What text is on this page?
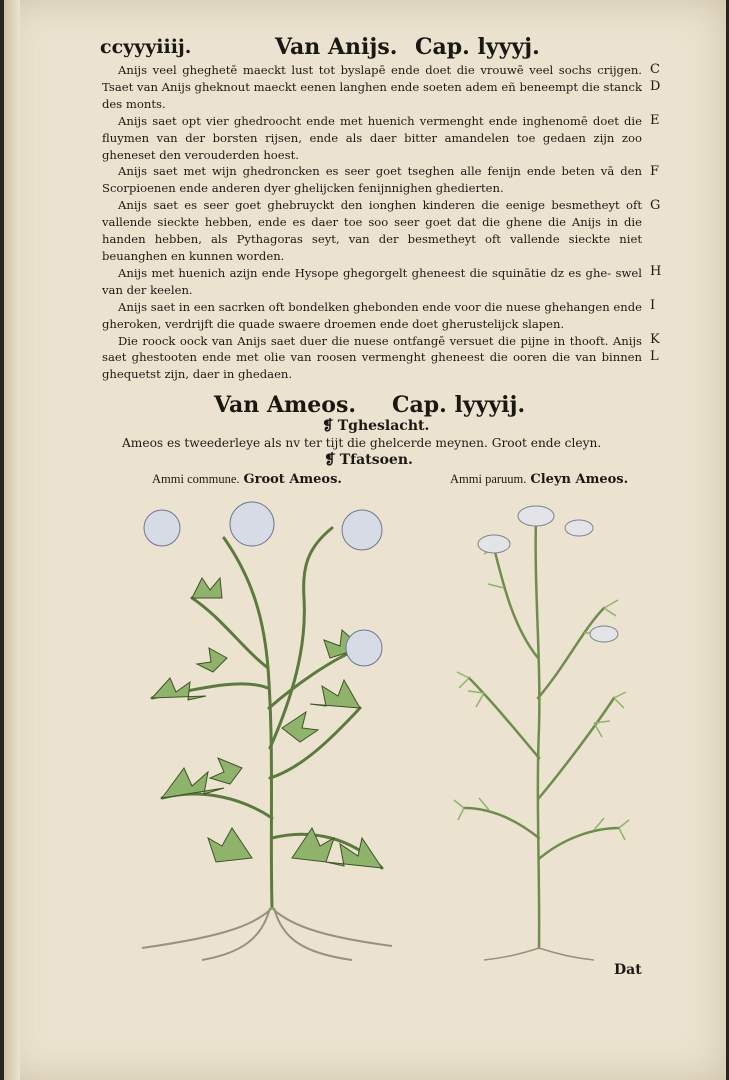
ccyyyiiij.	Van Anijs. Cap. lyyyj.

Anijs veel gheghetē maeckt lust tot byslapē ende doet die vrouwē veel sochs crijgen. Tsaet van Anijs gheknout maeckt eenen langhen ende soeten adem eñ beneempt die stanck des monts.

Anijs saet opt vier ghedroocht ende met huenich vermenght ende inghenomē doet die fluymen van der borsten rijsen, ende als daer bitter amandelen toe gedaen zijn zoo gheneset den verouderden hoest.

Anijs saet met wijn ghedroncken es seer goet tseghen alle fenijn ende beten vā den Scorpioenen ende anderen dyer ghelijcken fenijnnighen ghedierten.

Anijs saet es seer goet ghebruyckt den ionghen kinderen die eenige besmetheyt oft vallende sieckte hebben, ende es daer toe soo seer goet dat die ghene die Anijs in die handen hebben, als Pythagoras seyt, van der besmetheyt oft vallende sieckte niet beuanghen en kunnen worden.

Anijs met huenich azijn ende Hysope ghegorgelt gheneest die squinātie dz es ghe- swel van der keelen.

Anijs saet in een sacrken oft bondelken ghebonden ende voor die nuese ghehangen ende gheroken, verdrijft die quade swaere droemen ende doet gherustelijck slapen.

Die roock oock van Anijs saet duer die nuese ontfangē versuet die pijne in thooft. Anijs saet ghestooten ende met olie van roosen vermenght gheneest die ooren die van binnen ghequetst zijn, daer in ghedaen.

C
D
E
F
G
H
I
K
L
Van Ameos. Cap. lyyyij.
❡ Tgheslacht.
Ameos es tweederleye als nv ter tijt die ghelcerde meynen. Groot ende cleyn.
❡ Tfatsoen.
Ammi commune. Groot Ameos.	Ammi paruum. Cleyn Ameos.
Dat
